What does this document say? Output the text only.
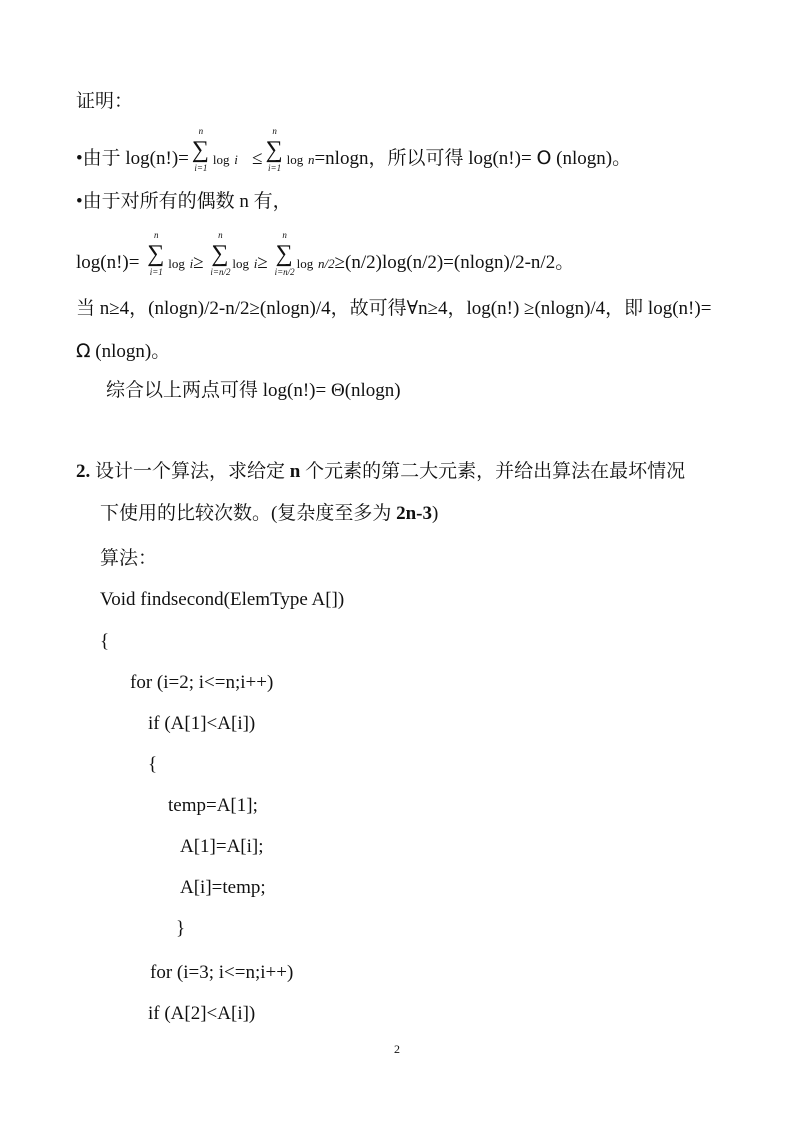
证明：
•由于 log(n!)=
n
∑
i=1
log i ≤
n
∑
i=1
log n=nlogn，所以可得 log(n!)= O (nlogn)。
•由于对所有的偶数 n 有，
log(n!)=
n
∑
i=1
log i≥
n
∑
i=n/2
log i≥
n
∑
i=n/2
log n/2≥(n/2)log(n/2)=(nlogn)/2-n/2。
当 n≥4，(nlogn)/2-n/2≥(nlogn)/4，故可得∀n≥4，log(n!) ≥(nlogn)/4，即 log(n!)=
Ω (nlogn)。
综合以上两点可得 log(n!)= Θ(nlogn)
2. 设计一个算法，求给定 n 个元素的第二大元素，并给出算法在最坏情况
下使用的比较次数。(复杂度至多为 2n-3)
算法：
Void findsecond(ElemType A[])
{
for (i=2; i<=n;i++)
if (A[1]<A[i])
{
temp=A[1];
A[1]=A[i];
A[i]=temp;
}
for (i=3; i<=n;i++)
if (A[2]<A[i])
2
